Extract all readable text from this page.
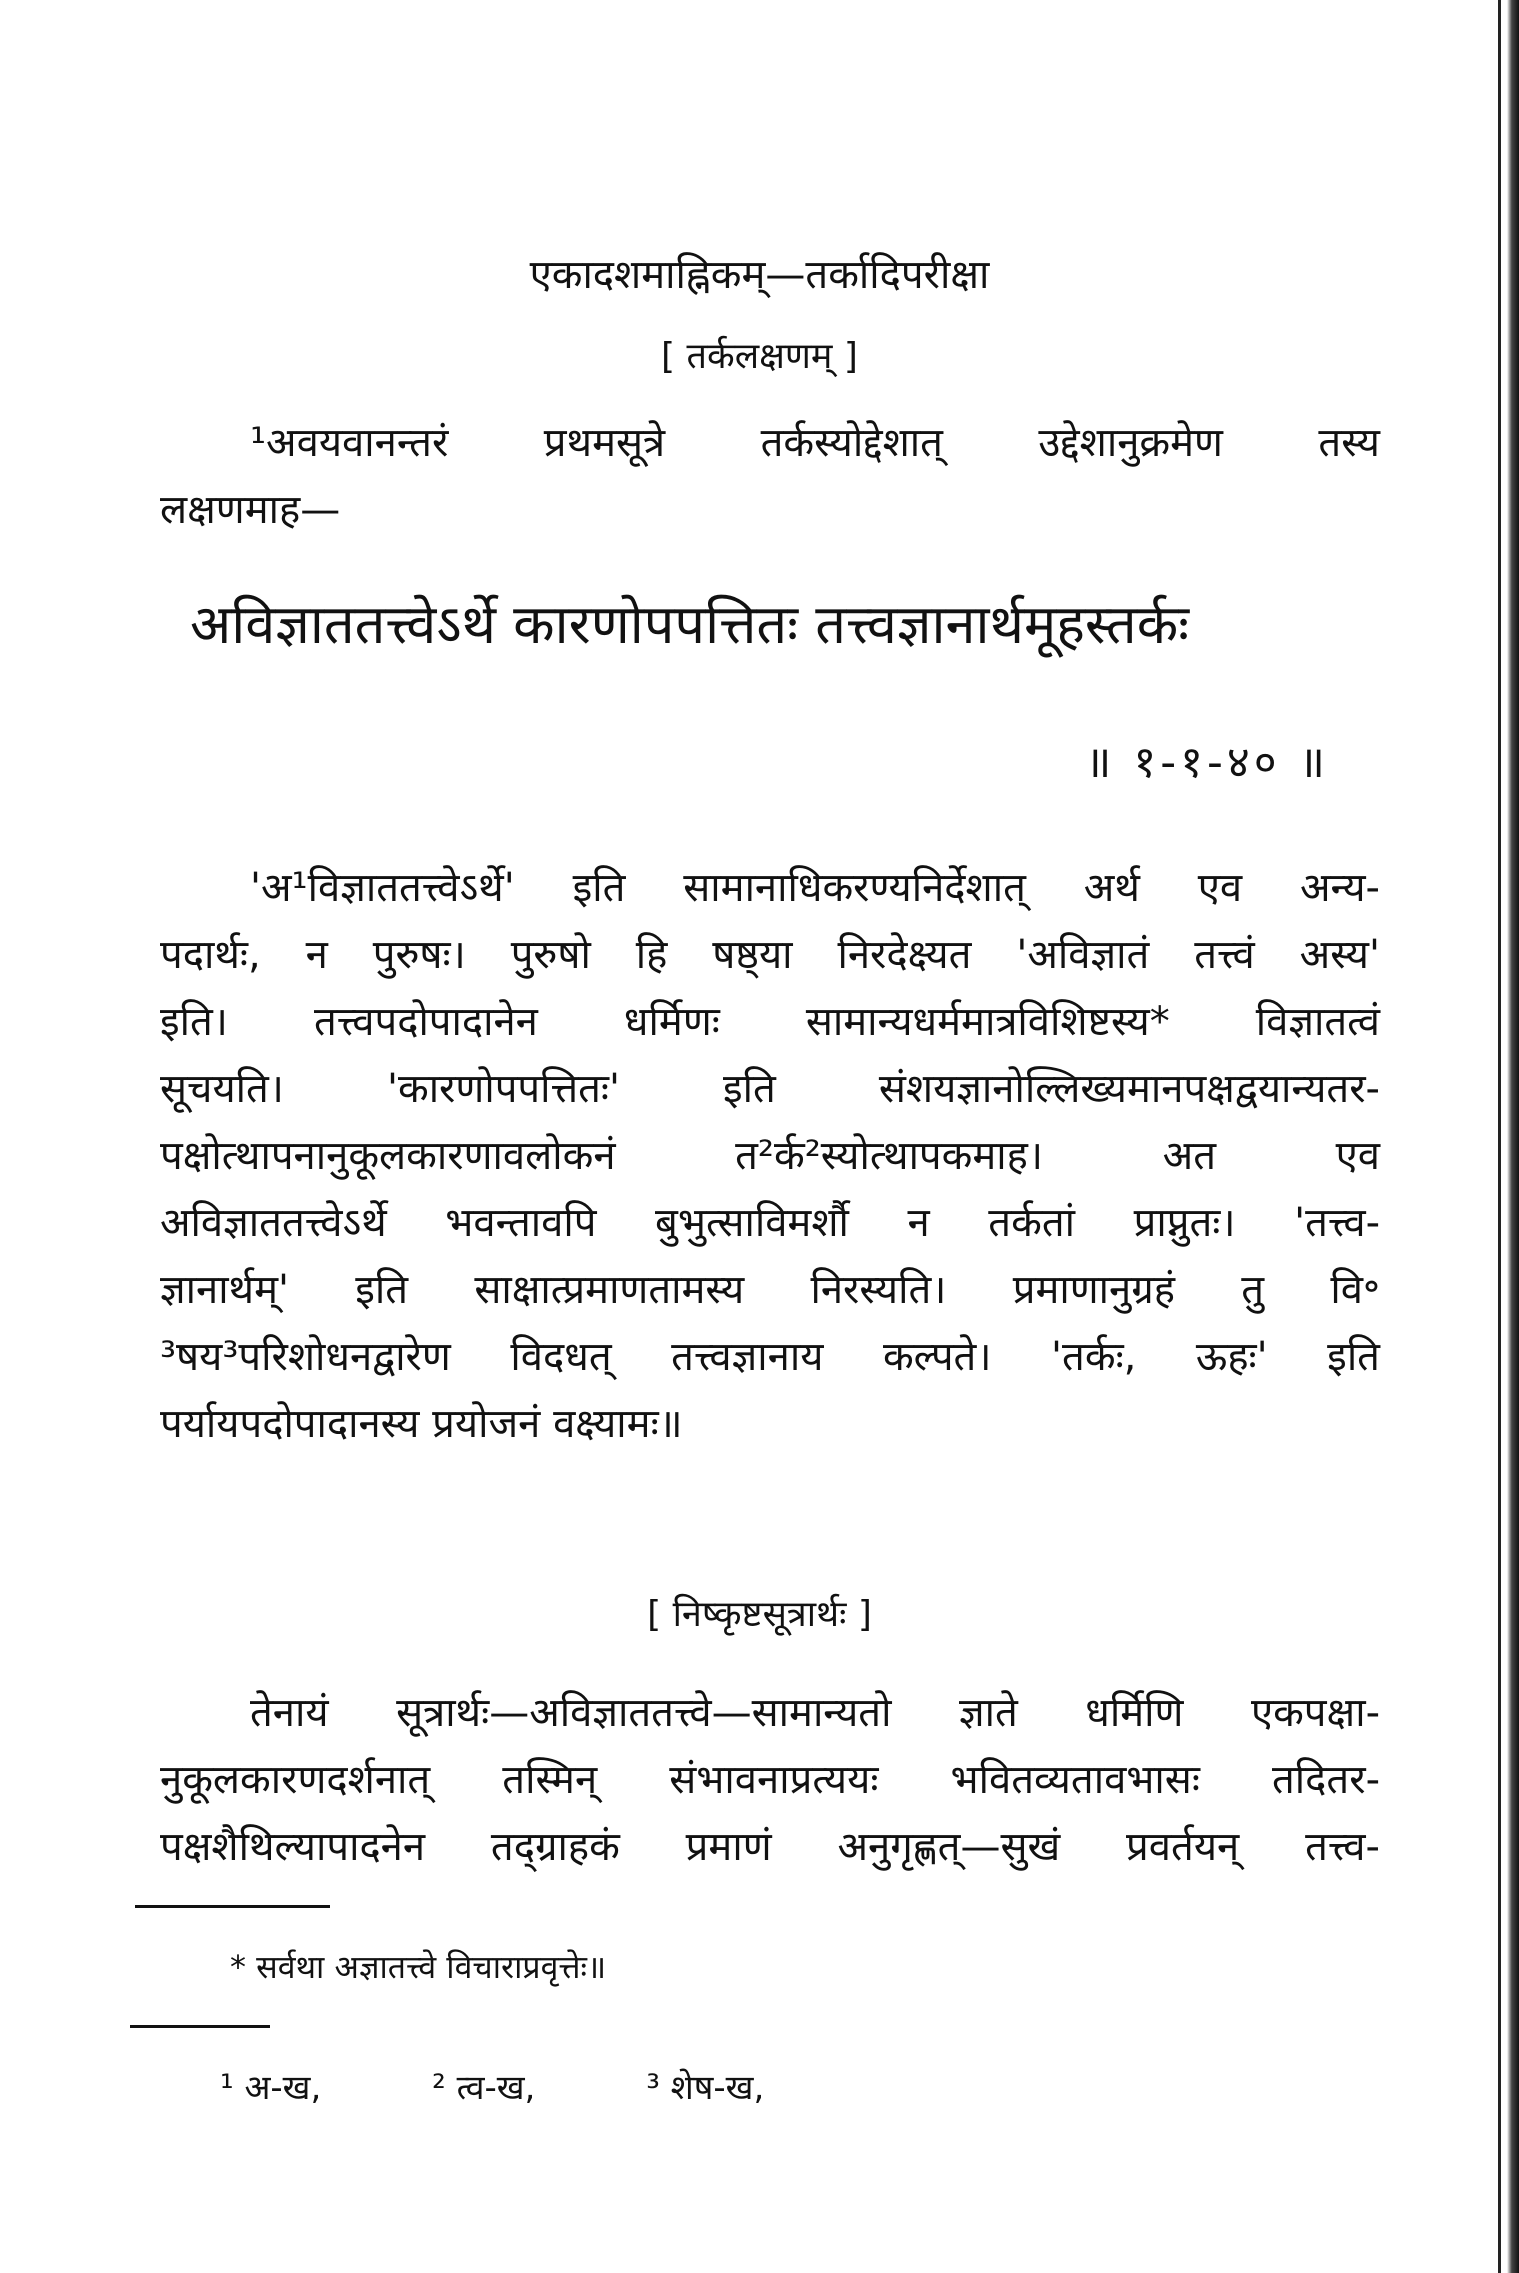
एकादशमाह्निकम्—तर्कादिपरीक्षा
[ तर्कलक्षणम् ]
¹अवयवानन्तरं प्रथमसूत्रे तर्कस्योद्देशात् उद्देशानुक्रमेण तस्य
लक्षणमाह—
अविज्ञाततत्त्वेऽर्थे कारणोपपत्तितः तत्त्वज्ञानार्थमूहस्तर्कः
॥ १-१-४० ॥
'अ¹विज्ञाततत्त्वेऽर्थे' इति सामानाधिकरण्यनिर्देशात् अर्थ एव अन्य-
पदार्थः, न पुरुषः। पुरुषो हि षष्ठ्या निरदेक्ष्यत 'अविज्ञातं तत्त्वं अस्य'
इति। तत्त्वपदोपादानेन धर्मिणः सामान्यधर्ममात्रविशिष्टस्य* विज्ञातत्वं
सूचयति। 'कारणोपपत्तितः' इति संशयज्ञानोल्लिख्यमानपक्षद्वयान्यतर-
पक्षोत्थापनानुकूलकारणावलोकनं त²र्क²स्योत्थापकमाह। अत एव
अविज्ञाततत्त्वेऽर्थे भवन्तावपि बुभुत्साविमर्शौ न तर्कतां प्राप्नुतः। 'तत्त्व-
ज्ञानार्थम्' इति साक्षात्प्रमाणतामस्य निरस्यति। प्रमाणानुग्रहं तु वि॰
³षय³परिशोधनद्वारेण विदधत् तत्त्वज्ञानाय कल्पते। 'तर्कः, ऊहः' इति
पर्यायपदोपादानस्य प्रयोजनं वक्ष्यामः॥
[ निष्कृष्टसूत्रार्थः ]
तेनायं सूत्रार्थः—अविज्ञाततत्त्वे—सामान्यतो ज्ञाते धर्मिणि एकपक्षा-
नुकूलकारणदर्शनात् तस्मिन् संभावनाप्रत्ययः भवितव्यतावभासः तदितर-
पक्षशैथिल्यापादनेन तद्ग्राहकं प्रमाणं अनुगृह्णत्—सुखं प्रवर्तयन् तत्त्व-
* सर्वथा अज्ञातत्त्वे विचाराप्रवृत्तेः॥
¹ अ-ख,	² त्व-ख,	³ शेष-ख,
